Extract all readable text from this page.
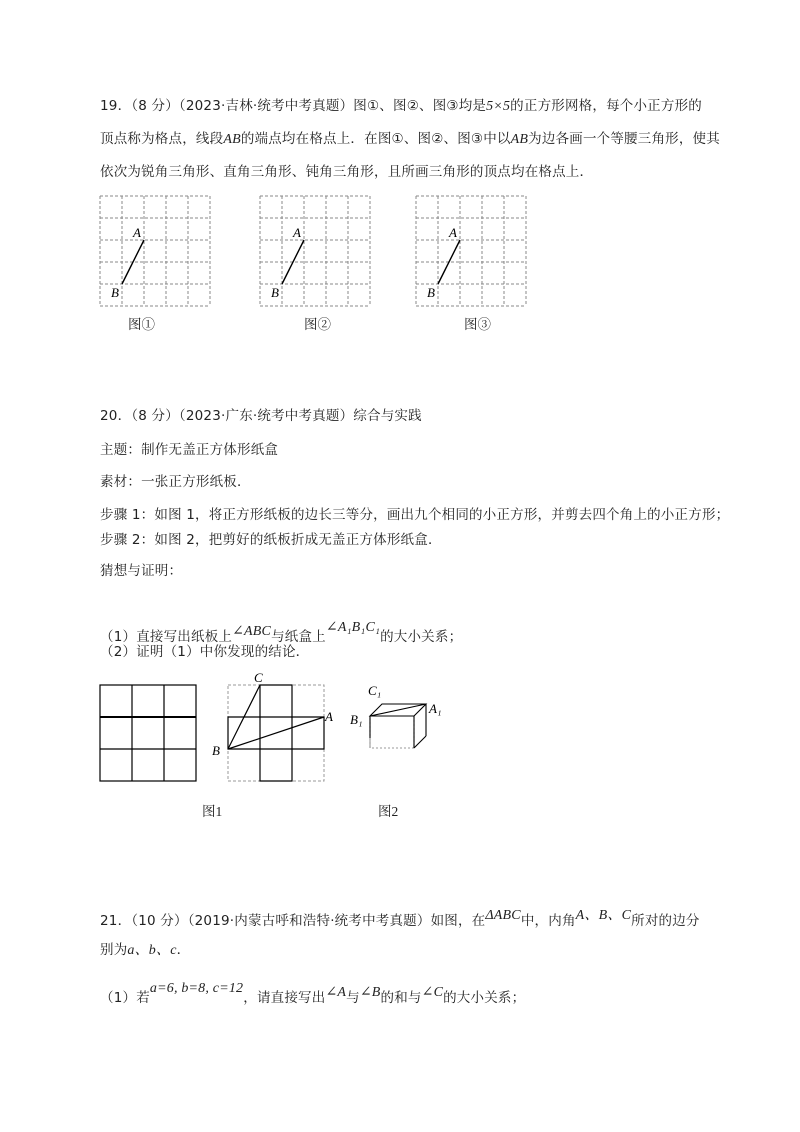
19．（8 分）（2023·吉林·统考中考真题）图①、图②、图③均是5×5的正方形网格，每个小正方形的
顶点称为格点，线段AB的端点均在格点上．在图①、图②、图③中以AB为边各画一个等腰三角形，使其
依次为锐角三角形、直角三角形、钝角三角形，且所画三角形的顶点均在格点上．
A
B
图①
A
B
图②
A
B
图③
20．（8 分）（2023·广东·统考中考真题）综合与实践
主题：制作无盖正方体形纸盒
素材：一张正方形纸板．
步骤 1：如图 1，将正方形纸板的边长三等分，画出九个相同的小正方形，并剪去四个角上的小正方形；
步骤 2：如图 2，把剪好的纸板折成无盖正方体形纸盒．
猜想与证明：
（1）直接写出纸板上∠ABC与纸盒上∠A₁B₁C₁的大小关系；
（2）证明（1）中你发现的结论．
C
A
B
图1
C₁
A₁
B₁
图2
21．（10 分）（2019·内蒙古呼和浩特·统考中考真题）如图，在ΔABC中，内角A、B、C所对的边分
别为a、b、c．
（1）若a=6, b=8, c=12，请直接写出∠A与∠B的和与∠C的大小关系；
